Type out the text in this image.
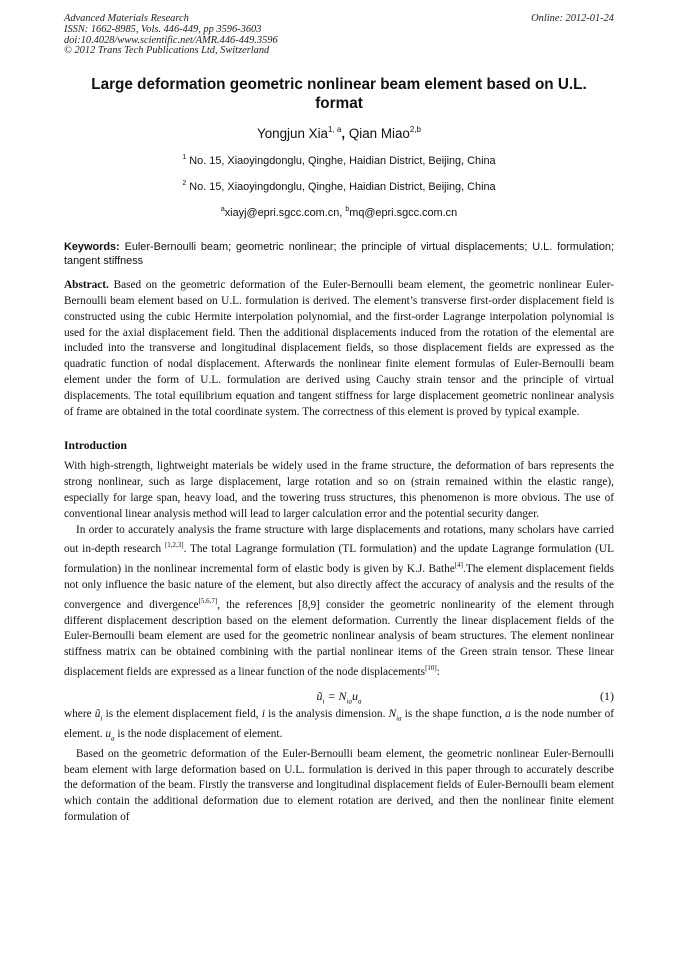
Advanced Materials Research
ISSN: 1662-8985, Vols. 446-449, pp 3596-3603
doi:10.4028/www.scientific.net/AMR.446-449.3596
© 2012 Trans Tech Publications Ltd, Switzerland
Online: 2012-01-24
Large deformation geometric nonlinear beam element based on U.L. format
Yongjun Xia$^{1, a}$, Qian Miao$^{2,b}$
$^1$ No. 15, Xiaoyingdonglu, Qinghe, Haidian District, Beijing, China
$^2$ No. 15, Xiaoyingdonglu, Qinghe, Haidian District, Beijing, China
$^a$xiayj@epri.sgcc.com.cn, $^b$mq@epri.sgcc.com.cn
Keywords: Euler-Bernoulli beam; geometric nonlinear; the principle of virtual displacements; U.L. formulation; tangent stiffness
Abstract. Based on the geometric deformation of the Euler-Bernoulli beam element, the geometric nonlinear Euler-Bernoulli beam element based on U.L. formulation is derived. The element’s transverse first-order displacement field is constructed using the cubic Hermite interpolation polynomial, and the first-order Lagrange interpolation polynomial is used for the axial displacement field. Then the additional displacements induced from the rotation of the elemental are included into the transverse and longitudinal displacement fields, so those displacement fields are expressed as the quadratic function of nodal displacement. Afterwards the nonlinear finite element formulas of Euler-Bernoulli beam element under the form of U.L. formulation are derived using Cauchy strain tensor and the principle of virtual displacements. The total equilibrium equation and tangent stiffness for large displacement geometric nonlinear analysis of frame are obtained in the total coordinate system. The correctness of this element is proved by typical example.
Introduction

With high-strength, lightweight materials be widely used in the frame structure, the deformation of bars represents the strong nonlinear, such as large displacement, large rotation and so on (strain remained within the elastic range), especially for large span, heavy load, and the towering truss structures, this phenomenon is more obvious. The use of conventional linear analysis method will lead to larger calculation error and the potential security danger.

In order to accurately analysis the frame structure with large displacements and rotations, many scholars have carried out in-depth research [1,2,3]. The total Lagrange formulation (TL formulation) and the update Lagrange formulation (UL formulation) in the nonlinear incremental form of elastic body is given by K.J. Bathe[4].The element displacement fields not only influence the basic nature of the element, but also directly affect the accuracy of analysis and the results of the convergence and divergence[5,6,7], the references [8,9] consider the geometric nonlinearity of the element through different displacement description based on the element deformation. Currently the linear displacement fields of the Euler-Bernoulli beam element are used for the geometric nonlinear analysis of beam structures. The element nonlinear stiffness matrix can be obtained combining with the partial nonlinear items of the Green strain tensor. These linear displacement fields are expressed as a linear function of the node displacements[10]:

$ũ_i = N_{ia}u_a$	(1)

where $ũ_i$ is the element displacement field, i is the analysis dimension. $N_{ia}$ is the shape function, a is the node number of element. $u_a$ is the node displacement of element.

Based on the geometric deformation of the Euler-Bernoulli beam element, the geometric nonlinear Euler-Bernoulli beam element with large deformation based on U.L. formulation is derived in this paper through to accurately describe the deformation of the beam. Firstly the transverse and longitudinal displacement fields of Euler-Bernoulli beam element which contain the additional deformation due to element rotation are derived, and then the nonlinear finite element formulation of
